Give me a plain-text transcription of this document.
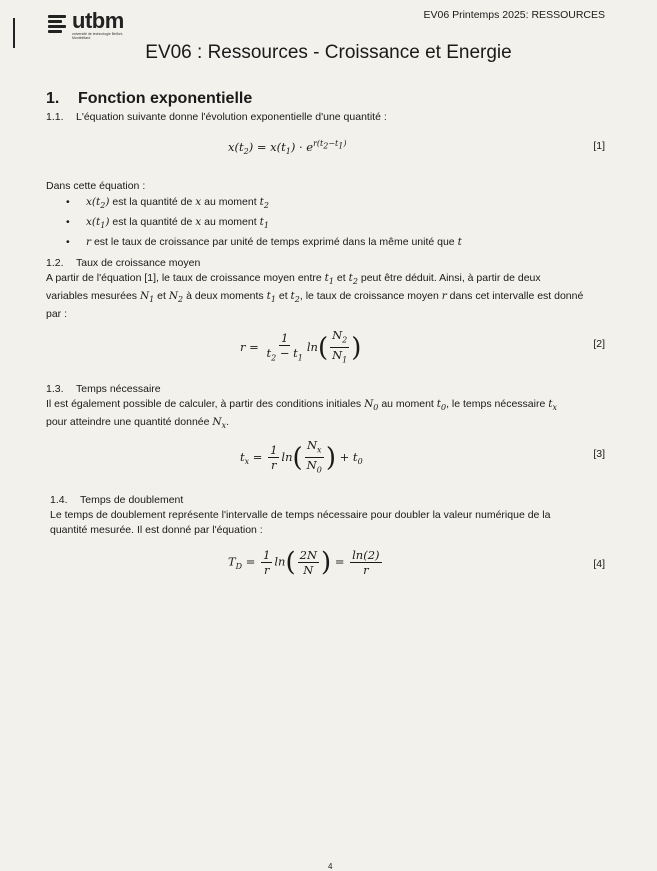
utbm
université de technologie Belfort-Montbéliard
EV06 Printemps 2025: RESSOURCES
EV06 : Ressources - Croissance et Energie
1. Fonction exponentielle
1.1. L'équation suivante donne l'évolution exponentielle d'une quantité :
$x(t_2) = x(t_1) \cdot e^{r(t_2-t_1)}$	[1]
Dans cette équation :
• $x(t_2)$ est la quantité de x au moment $t_2$
• $x(t_1)$ est la quantité de x au moment $t_1$
• r est le taux de croissance par unité de temps exprimé dans la même unité que t
1.2. Taux de croissance moyen
A partir de l'équation [1], le taux de croissance moyen entre $t_1$ et $t_2$ peut être déduit. Ainsi, à partir de deux
variables mesurées $N_1$ et $N_2$ à deux moments $t_1$ et $t_2$, le taux de croissance moyen r dans cet intervalle est donné
par :
$r = \frac{1}{t_2 - t_1} \ln( \frac{N_2}{N_1}$ )	[2]
1.3. Temps nécessaire
Il est également possible de calculer, à partir des conditions initiales $N_0$ au moment $t_0$, le temps nécessaire $t_x$
pour atteindre une quantité donnée $N_x$.
$t_x = \frac{1}{r} \ln( \frac{N_x}{N_0}$ ) + $t_0$
[3]
1.4. Temps de doublement
Le temps de doublement représente l'intervalle de temps nécessaire pour doubler la valeur numérique de la
quantité mesurée. Il est donné par l'équation :
$T_D = \frac{1}{r} \ln( \frac{2N}{N}$ ) = $\frac{\ln(2)}{r}$	[4]
4
